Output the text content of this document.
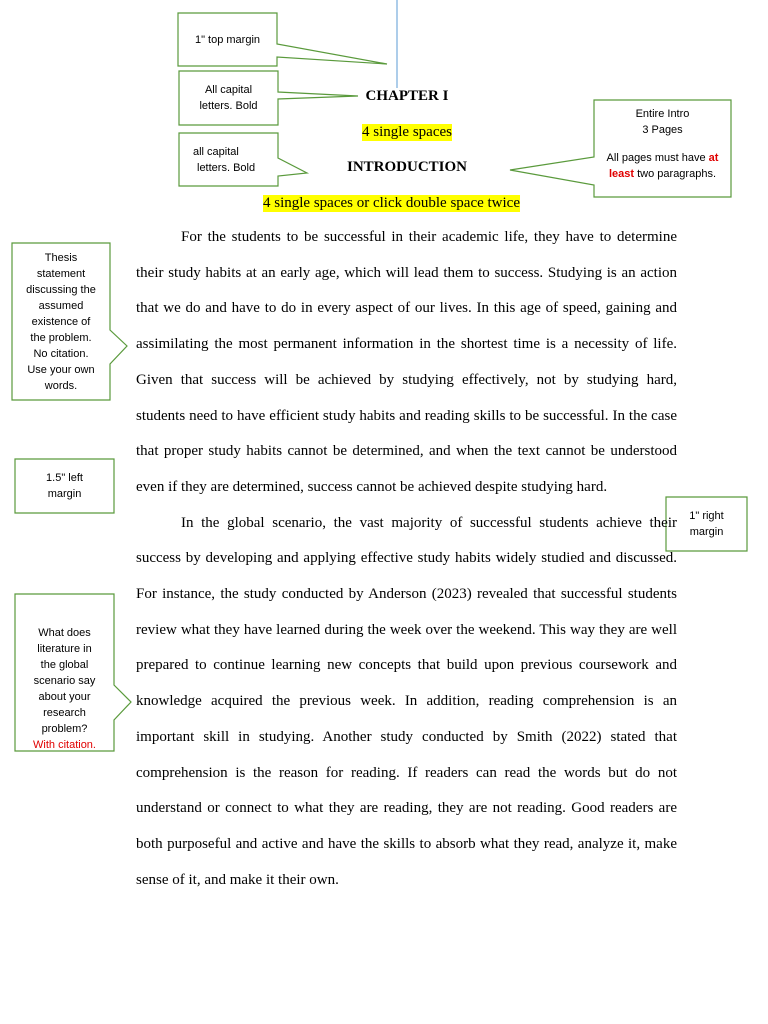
1" top margin
All capital
letters. Bold
all capital
letters. Bold
Entire Intro
3 Pages
All pages must have at
least two paragraphs.
Thesis
statement
discussing the
assumed
existence of
the problem.
No citation.
Use your own
words.
1.5" left
margin
1" right
margin
What does
literature in
the global
scenario say
about your
research
problem?
With citation.
CHAPTER I
4 single spaces
INTRODUCTION
4 single spaces or click double space twice

For the students to be successful in their academic life, they have to determine their study habits at an early age, which will lead them to success. Studying is an action that we do and have to do in every aspect of our lives. In this age of speed, gaining and assimilating the most permanent information in the shortest time is a necessity of life. Given that success will be achieved by studying effectively, not by studying hard, students need to have efficient study habits and reading skills to be successful. In the case that proper study habits cannot be determined, and when the text cannot be understood even if they are determined, success cannot be achieved despite studying hard.

In the global scenario, the vast majority of successful students achieve their success by developing and applying effective study habits widely studied and discussed. For instance, the study conducted by Anderson (2023) revealed that successful students review what they have learned during the week over the weekend. This way they are well prepared to continue learning new concepts that build upon previous coursework and knowledge acquired the previous week. In addition, reading comprehension is an important skill in studying. Another study conducted by Smith (2022) stated that comprehension is the reason for reading. If readers can read the words but do not understand or connect to what they are reading, they are not reading. Good readers are both purposeful and active and have the skills to absorb what they read, analyze it, make sense of it, and make it their own.
